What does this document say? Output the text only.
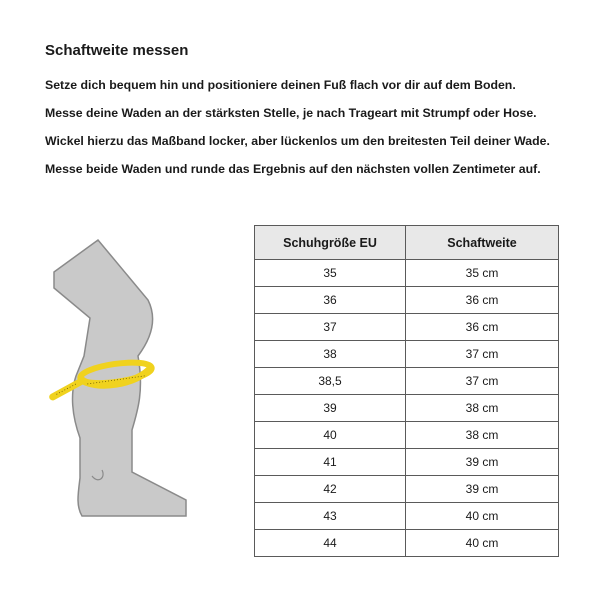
Schaftweite messen
Setze dich bequem hin und positioniere deinen Fuß flach vor dir auf dem Boden.
Messe deine Waden an der stärksten Stelle, je nach Trageart mit Strumpf oder Hose.
Wickel hierzu das Maßband locker, aber lückenlos um den breitesten Teil deiner Wade.
Messe beide Waden und runde das Ergebnis auf den nächsten vollen Zentimeter auf.
Schuhgröße EU	Schaftweite
35	35 cm
36	36 cm
37	36 cm
38	37 cm
38,5	37 cm
39	38 cm
40	38 cm
41	39 cm
42	39 cm
43	40 cm
44	40 cm
